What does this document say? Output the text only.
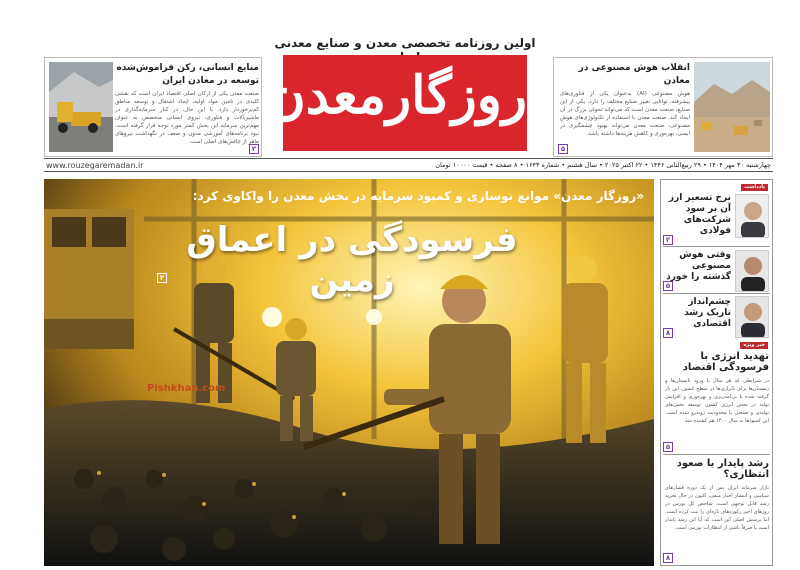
اولین روزنامه تخصصی معدن و صنایع معدنی
روزگارمعدن
منابع انسانی، رکن فراموش‌شده توسعه در معادن ایران
صنعت معدن یکی از ارکان اصلی اقتصاد ایران است که نقشی کلیدی در تامین مواد اولیه، ایجاد اشتغال و توسعه مناطق کم‌برخوردار دارد. با این حال، در کنار سرمایه‌گذاری در ماشین‌آلات و فناوری، نیروی انسانی متخصص به عنوان مهم‌ترین سرمایه این بخش کمتر مورد توجه قرار گرفته است. نبود برنامه‌های آموزشی مدون و ضعف در نگهداشت نیروهای ماهر از چالش‌های اصلی است.
۲
انقلاب هوش مصنوعی در معادن
هوش مصنوعی (AI) به‌عنوان یکی از فناوری‌های پیشرفته، توانایی تغییر صنایع مختلف را دارد. یکی از این صنایع، صنعت معدن است که می‌تواند تحولی بزرگ در آن ایجاد کند. صنعت معدن با استفاده از تکنولوژی‌های هوش مصنوعی، صنعت معدن می‌تواند بهبود چشمگیری در ایمنی، بهره‌وری و کاهش هزینه‌ها داشته باشد.
۵
www.rouzegaremadan.ir	چهارشنبه ۳۰ مهر ۱۴۰۴ • ۲۹ ربیع‌الثانی ۱۴۴۶ • ۲۲ اکتبر ۲۰۲۵ • سال هشتم • شماره ۱۶۴۳ • ۸ صفحه • قیمت ۱۰۰۰۰ تومان
«روزگار معدن» موانع نوسازی و کمبود سرمایه در بخش معدن را واکاوی کرد:
فرسودگی در اعماق زمین
۲
Pishkhan.com
یادداشت
نرخ تسعیر ارز آن بر سود شرکت‌های فولادی
۲
وقتی هوش مصنوعی گذشته را خورد
۵
چشم‌انداز تاریک رشد اقتصادی
۸
خبر ویژه
تهدید انرژی با فرسودگی اقتصاد
در شرایطی که هر سال با ورود تابستان‌ها و زمستان‌ها برای ناترازی‌ها در سطح کشور، این بار گرفته شده با برنامه‌ریزی و بهره‌وری و افزایش تولید در بخش انرژی کشور، توسعه بخش‌های تولیدی و صنعتی با محدودیت روبه‌رو شده است. این کمبودها به سال ۱۴۰۰ هم کشیده شد.
۵
رشد پایدار یا صعود انتظاری؟
بازار سرمایه ایران پس از یک دوره فشارهای سیاسی و انتشار اخبار منفی، اکنون در حال تجربه رشد قابل توجهی است. شاخص کل بورس در روزهای اخیر رکوردهای تازه‌ای را ثبت کرده است. اما پرسش اصلی این است که آیا این رشد پایدار است یا صرفاً ناشی از انتظارات تورمی است.
۸
